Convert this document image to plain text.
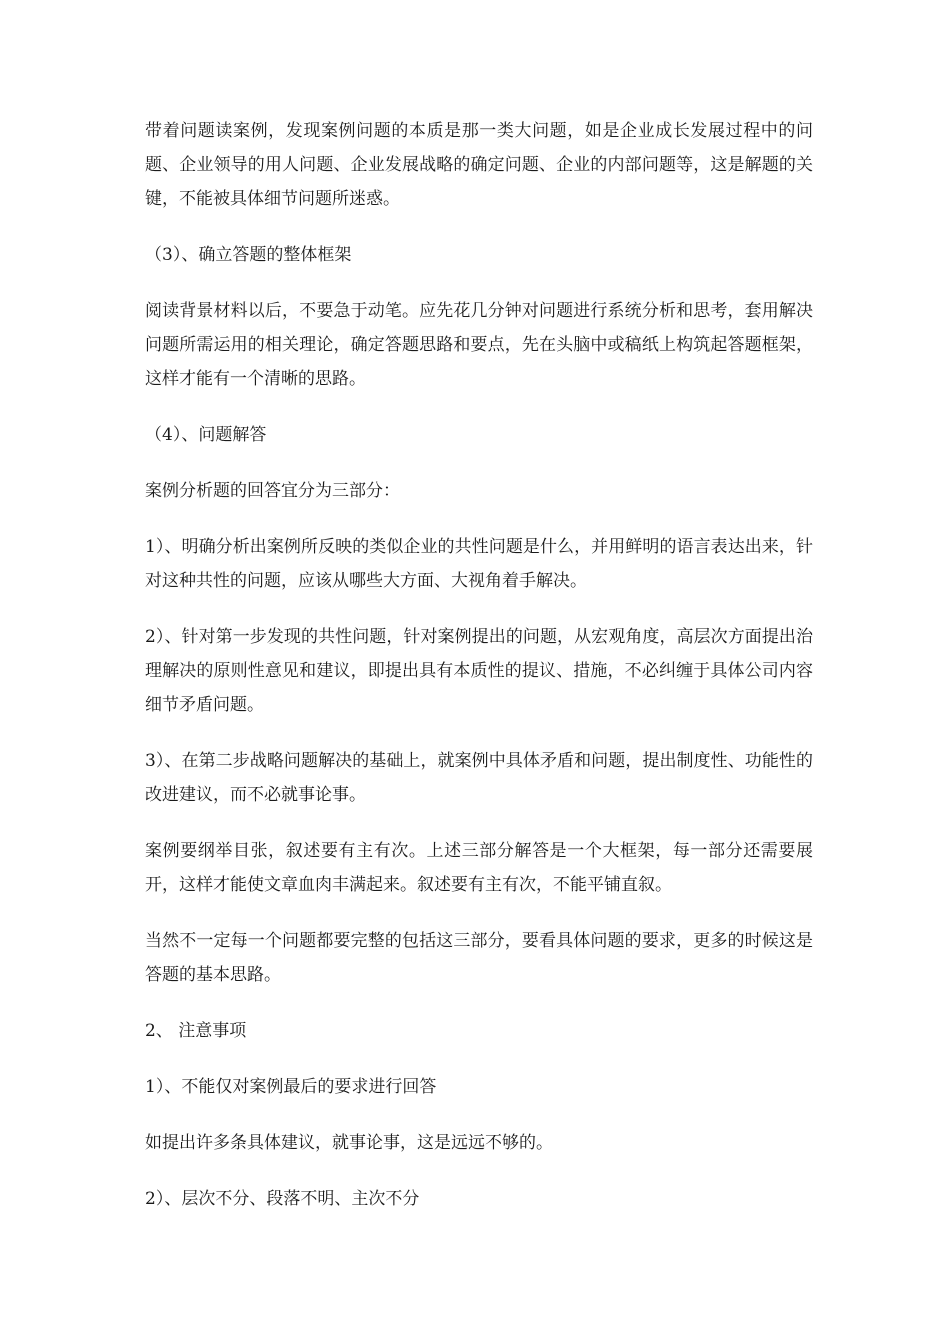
带着问题读案例，发现案例问题的本质是那一类大问题，如是企业成长发展过程中的问题、企业领导的用人问题、企业发展战略的确定问题、企业的内部问题等，这是解题的关键，不能被具体细节问题所迷惑。

（3）、确立答题的整体框架

阅读背景材料以后，不要急于动笔。应先花几分钟对问题进行系统分析和思考，套用解决问题所需运用的相关理论，确定答题思路和要点，先在头脑中或稿纸上构筑起答题框架，这样才能有一个清晰的思路。

（4）、问题解答

案例分析题的回答宜分为三部分：

1）、明确分析出案例所反映的类似企业的共性问题是什么，并用鲜明的语言表达出来，针对这种共性的问题，应该从哪些大方面、大视角着手解决。

2）、针对第一步发现的共性问题，针对案例提出的问题，从宏观角度，高层次方面提出治理解决的原则性意见和建议，即提出具有本质性的提议、措施，不必纠缠于具体公司内容细节矛盾问题。

3）、在第二步战略问题解决的基础上，就案例中具体矛盾和问题，提出制度性、功能性的改进建议，而不必就事论事。

案例要纲举目张，叙述要有主有次。上述三部分解答是一个大框架，每一部分还需要展开，这样才能使文章血肉丰满起来。叙述要有主有次，不能平铺直叙。

当然不一定每一个问题都要完整的包括这三部分，要看具体问题的要求，更多的时候这是答题的基本思路。

2、 注意事项

1）、不能仅对案例最后的要求进行回答

如提出许多条具体建议，就事论事，这是远远不够的。

2）、层次不分、段落不明、主次不分
